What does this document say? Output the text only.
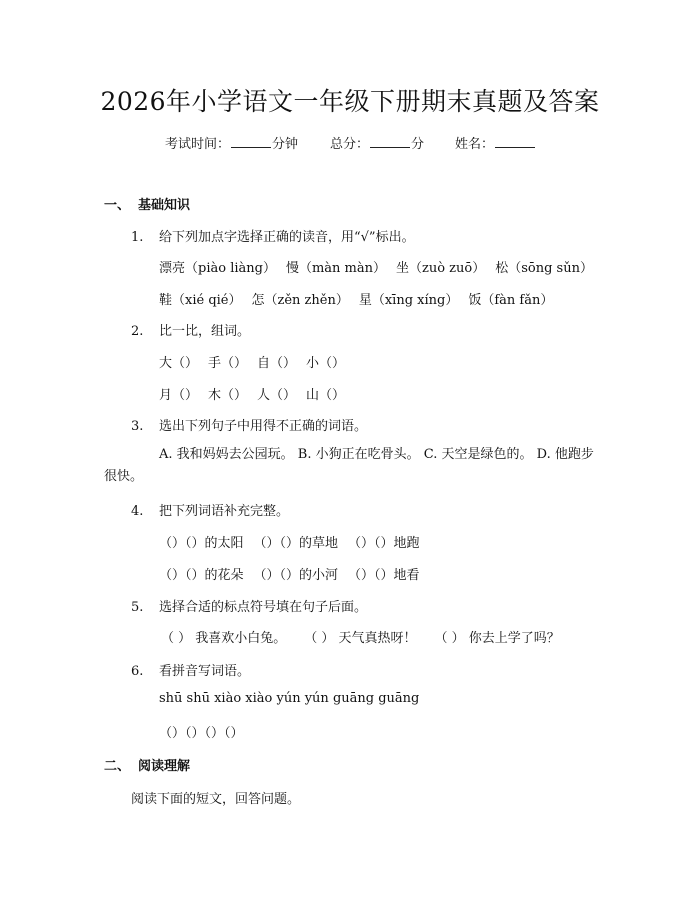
2026年小学语文一年级下册期末真题及答案
考试时间：	分钟 总分：	分 姓名：
一、 基础知识
1. 给下列加点字选择正确的读音，用“√”标出。
漂亮（piào liàng） 慢（màn màn） 坐（zuò zuō） 松（sōng sǔn）
鞋（xié qié） 怎（zěn zhěn） 星（xīng xíng） 饭（fàn fǎn）
2. 比一比，组词。
大（） 手（） 自（） 小（）
月（） 木（） 人（） 山（）
3. 选出下列句子中用得不正确的词语。
A. 我和妈妈去公园玩。 B. 小狗正在吃骨头。 C. 天空是绿色的。 D. 他跑步很快。
4. 把下列词语补充完整。
（）（）的太阳 （）（）的草地 （）（）地跑
（）（）的花朵 （）（）的小河 （）（）地看
5. 选择合适的标点符号填在句子后面。
（ ） 我喜欢小白兔。 （ ） 天气真热呀！ （ ） 你去上学了吗？
6. 看拼音写词语。
shū shū xiào xiào yún yún guāng guāng
（）（）（）（）
二、 阅读理解
阅读下面的短文，回答问题。
